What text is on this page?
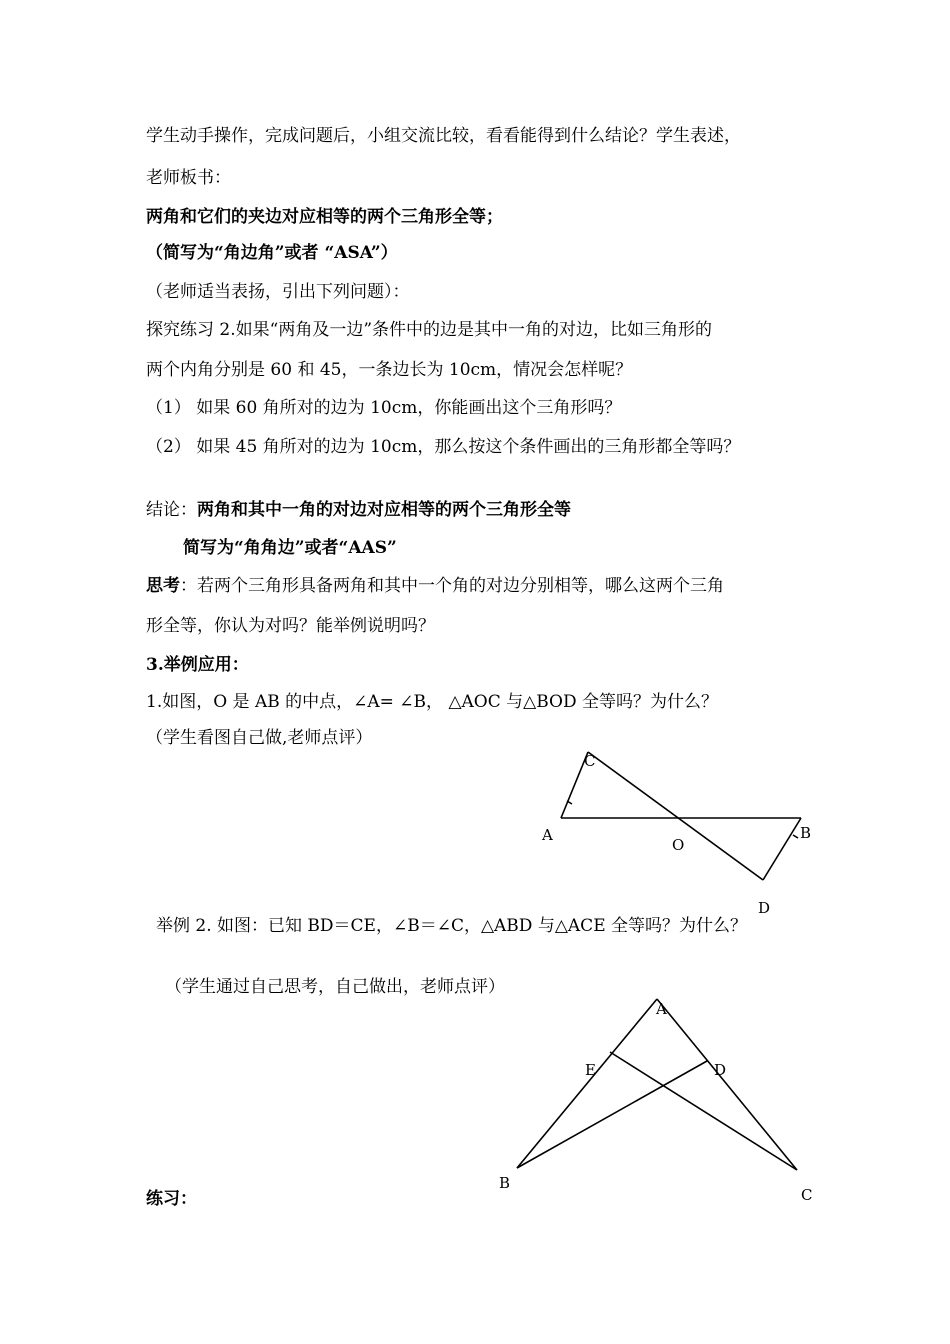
学生动手操作，完成问题后，小组交流比较，看看能得到什么结论？学生表述，
老师板书：
两角和它们的夹边对应相等的两个三角形全等；
（简写为“角边角”或者 “ASA”）
（老师适当表扬，引出下列问题）：
探究练习 2.如果“两角及一边”条件中的边是其中一角的对边，比如三角形的
两个内角分别是 60 和 45，一条边长为 10cm，情况会怎样呢？
（1） 如果 60 角所对的边为 10cm，你能画出这个三角形吗？
（2） 如果 45 角所对的边为 10cm，那么按这个条件画出的三角形都全等吗？
结论：两角和其中一角的对边对应相等的两个三角形全等
简写为“角角边”或者“AAS”
思考：若两个三角形具备两角和其中一个角的对边分别相等，哪么这两个三角
形全等，你认为对吗？能举例说明吗？
3.举例应用：
1.如图，O 是 AB 的中点，∠A= ∠B， △AOC 与△BOD 全等吗？为什么？
（学生看图自己做,老师点评）
A
C
O
B
D
举例 2. 如图：已知 BD＝CE，∠B＝∠C，△ABD 与△ACE 全等吗？为什么？
（学生通过自己思考，自己做出，老师点评）
A
E	D
B
C
练习：
